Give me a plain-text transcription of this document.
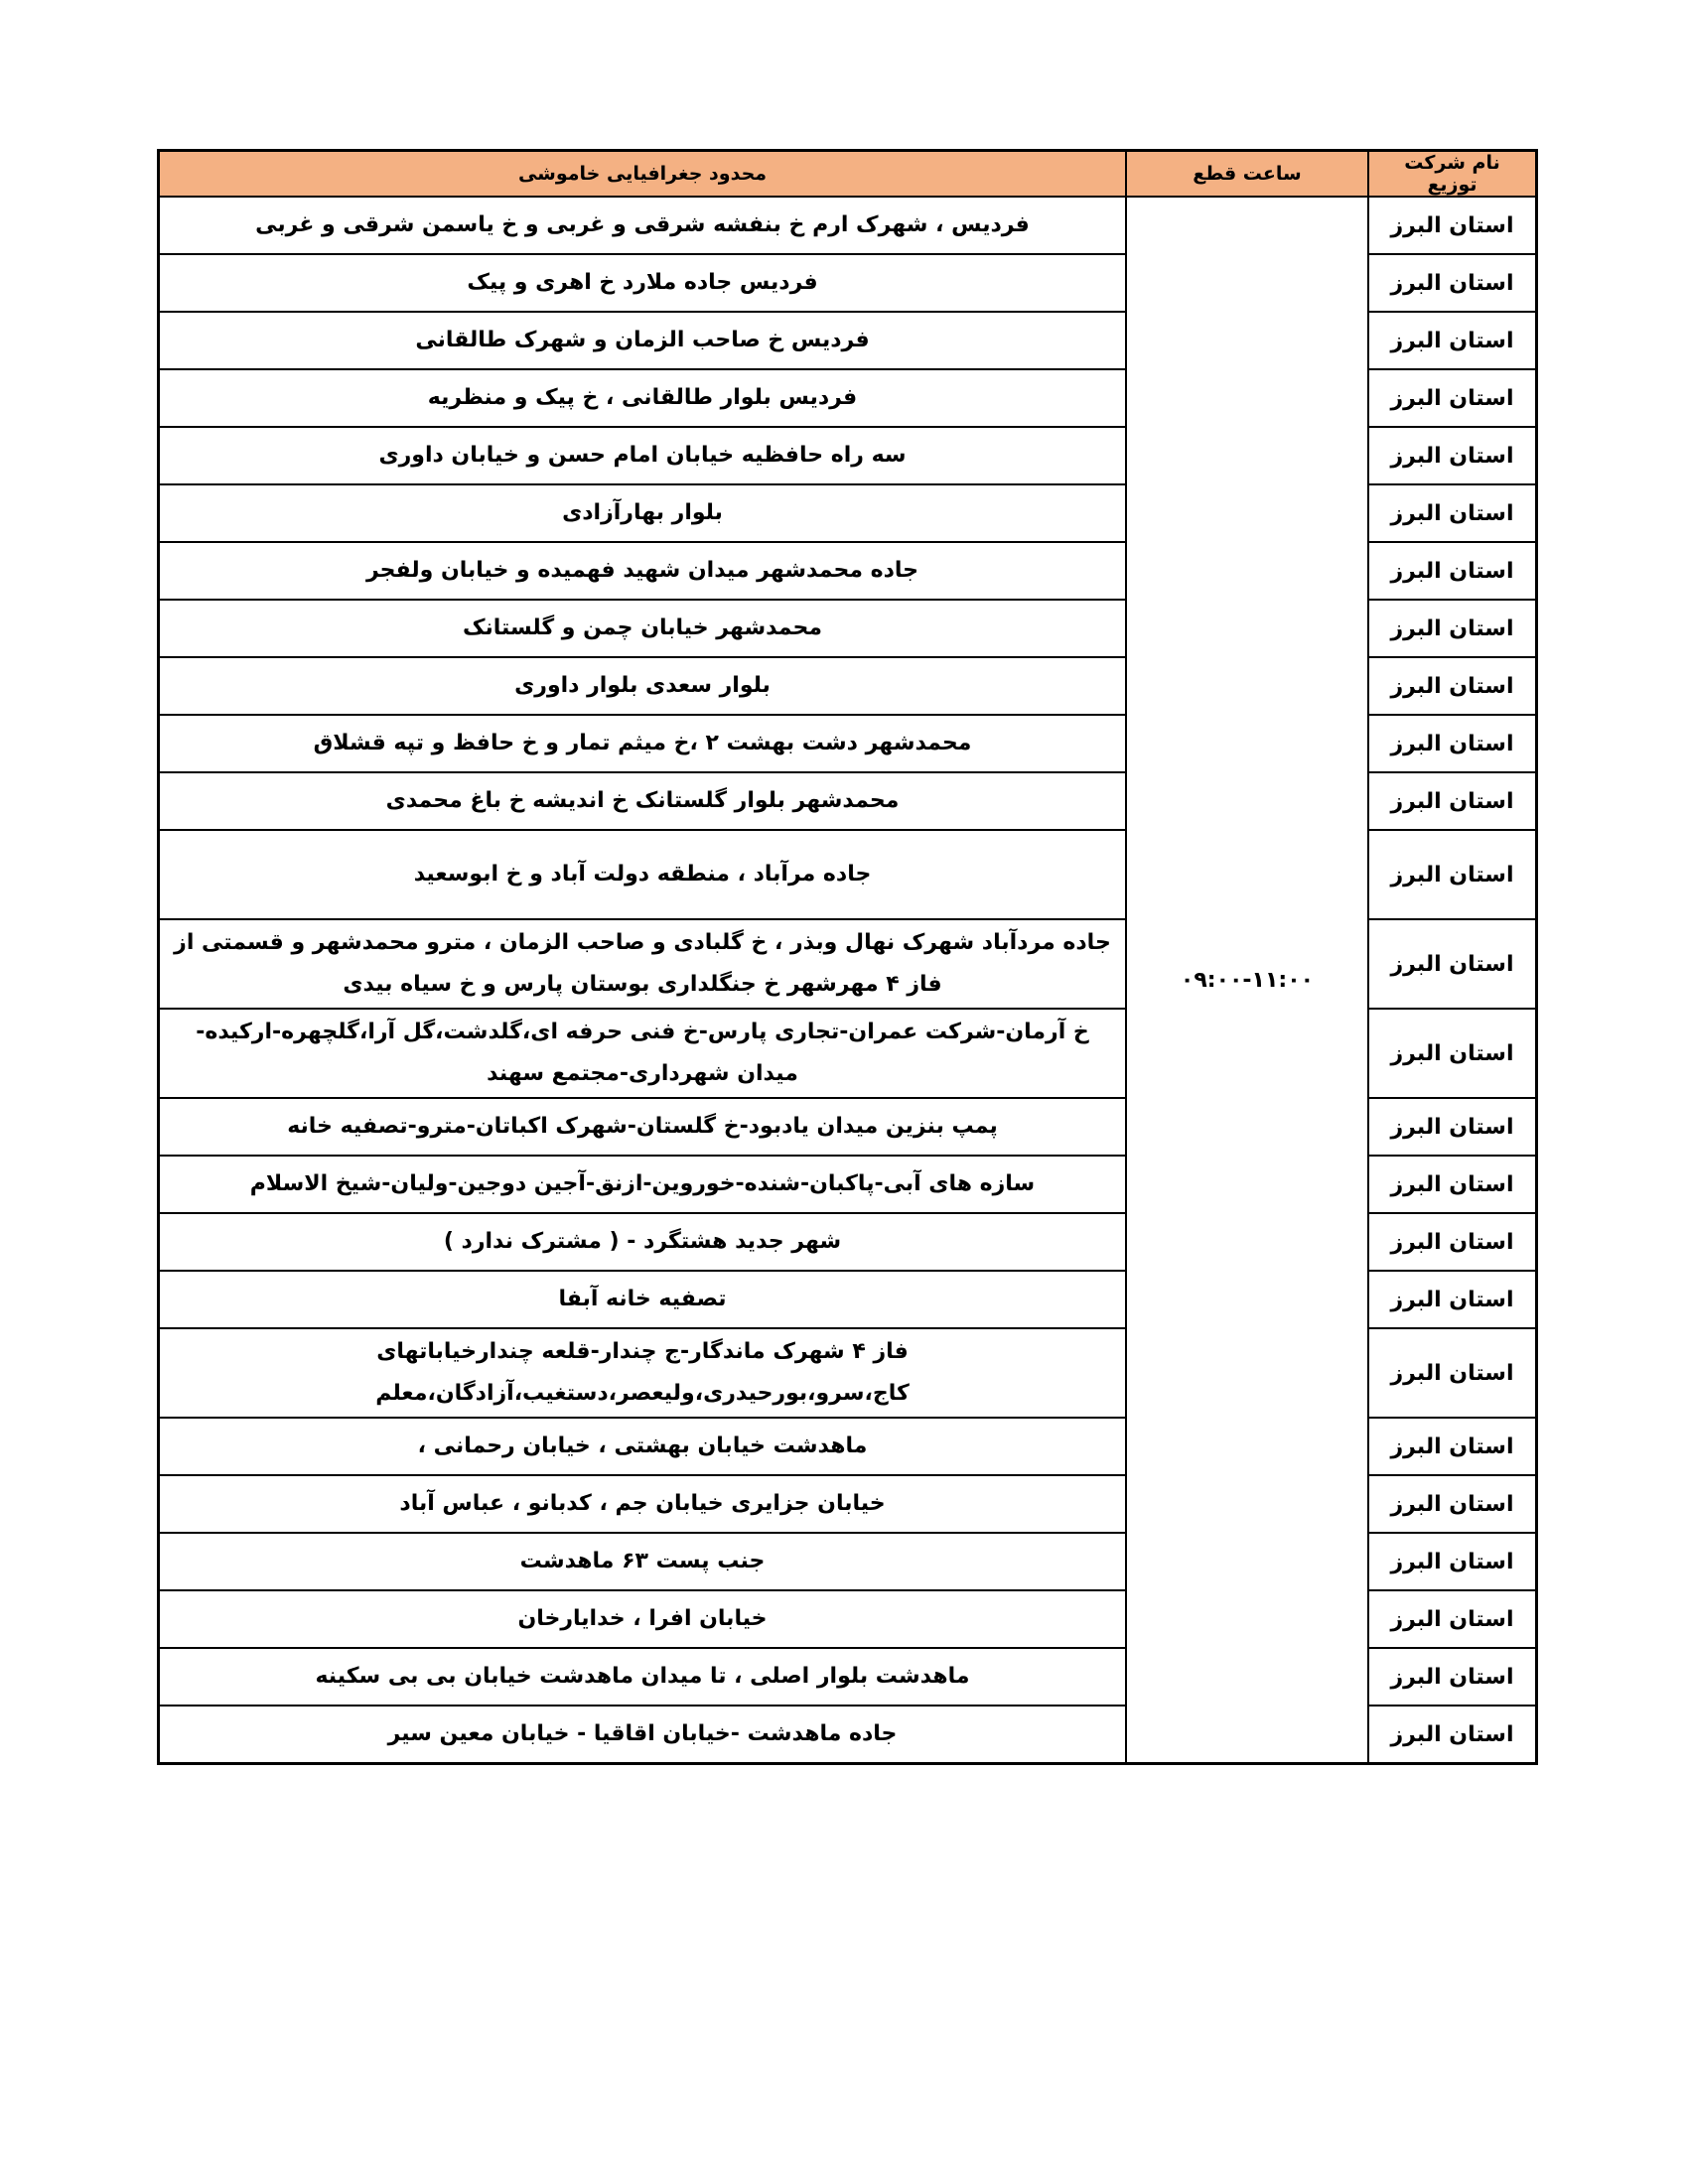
نام شرکت توزیع	ساعت قطع	محدود جغرافیایی خاموشی
استان البرز	۰۹:۰۰-۱۱:۰۰	فردیس ، شهرک ارم خ بنفشه شرقی و غربی و خ یاسمن شرقی و غربی
استان البرز		فردیس جاده ملارد خ اهری و پیک
استان البرز		فردیس خ صاحب الزمان و شهرک طالقانی
استان البرز		فردیس بلوار طالقانی ، خ پیک و منظریه
استان البرز		سه راه حافظیه خیابان امام حسن و خیابان داوری
استان البرز		بلوار بهارآزادی
استان البرز		جاده محمدشهر میدان شهید فهمیده و خیابان ولفجر
استان البرز		محمدشهر خیابان چمن و گلستانک
استان البرز		بلوار سعدی بلوار داوری
استان البرز		محمدشهر دشت بهشت ۲ ،خ میثم تمار و خ حافظ و تپه قشلاق
استان البرز		محمدشهر بلوار گلستانک خ اندیشه خ باغ محمدی
استان البرز		جاده مرآباد ، منطقه دولت آباد و خ ابوسعید
استان البرز		جاده مردآباد شهرک نهال وبذر ، خ گلبادی و صاحب الزمان ، مترو محمدشهر و قسمتی از فاز ۴ مهرشهر خ جنگلداری بوستان پارس و خ سیاه بیدی
استان البرز		خ آرمان-شرکت عمران-تجاری پارس-خ فنی حرفه ای،گلدشت،گل آرا،گلچهره-ارکیده-میدان شهرداری-مجتمع سهند
استان البرز		پمپ بنزین میدان یادبود-خ گلستان-شهرک اکباتان-مترو-تصفیه خانه
استان البرز		سازه های آبی-پاکبان-شنده-خوروین-ازنق-آجین دوجین-ولیان-شیخ الاسلام
استان البرز		شهر جدید هشتگرد - ( مشترک ندارد )
استان البرز		تصفیه خانه آبفا
استان البرز		فاز ۴ شهرک ماندگار-ج چندار-قلعه چندارخیاباتهای کاج،سرو،بورحیدری،ولیعصر،دستغیب،آزادگان،معلم
استان البرز		ماهدشت خیابان بهشتی ، خیابان رحمانی ،
استان البرز		خیابان جزایری خیابان جم ، کدبانو ، عباس آباد
استان البرز		جنب پست ۶۳ ماهدشت
استان البرز		خیابان افرا ، خدایارخان
استان البرز		ماهدشت بلوار اصلی ، تا میدان ماهدشت خیابان بی بی سکینه
استان البرز		جاده ماهدشت -خیابان اقاقیا - خیابان معین سیر
